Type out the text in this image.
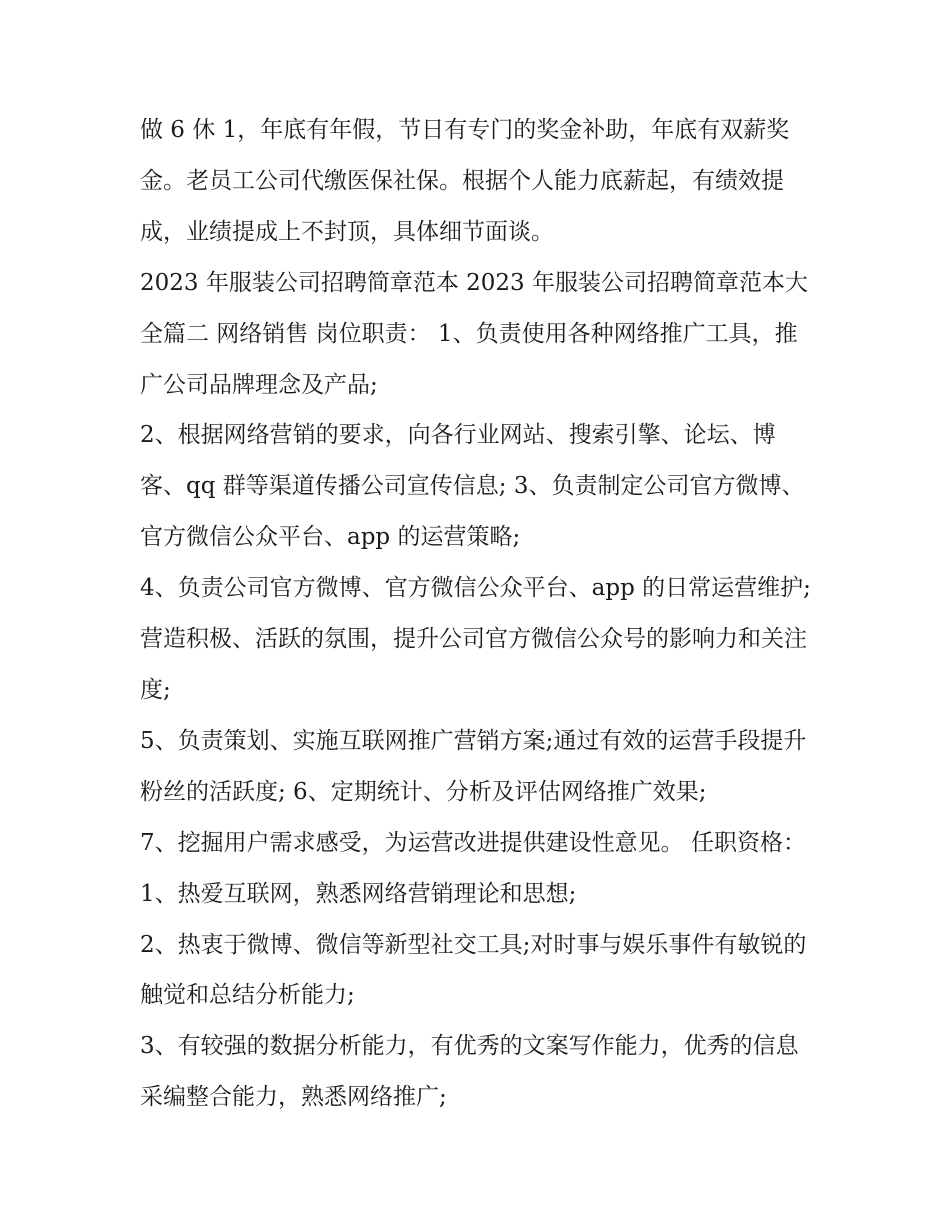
做 6 休 1，年底有年假，节日有专门的奖金补助，年底有双薪奖金。老员工公司代缴医保社保。根据个人能力底薪起，有绩效提成，业绩提成上不封顶，具体细节面谈。

2023 年服装公司招聘简章范本 2023 年服装公司招聘简章范本大全篇二 网络销售 岗位职责： 1、负责使用各种网络推广工具，推广公司品牌理念及产品;

2、根据网络营销的要求，向各行业网站、搜索引擎、论坛、博客、qq 群等渠道传播公司宣传信息; 3、负责制定公司官方微博、官方微信公众平台、app 的运营策略;

4、负责公司官方微博、官方微信公众平台、app 的日常运营维护;营造积极、活跃的氛围，提升公司官方微信公众号的影响力和关注度;

5、负责策划、实施互联网推广营销方案;通过有效的运营手段提升粉丝的活跃度; 6、定期统计、分析及评估网络推广效果;

7、挖掘用户需求感受，为运营改进提供建设性意见。 任职资格： 1、热爱互联网，熟悉网络营销理论和思想;

2、热衷于微博、微信等新型社交工具;对时事与娱乐事件有敏锐的触觉和总结分析能力;

3、有较强的数据分析能力，有优秀的文案写作能力，优秀的信息采编整合能力，熟悉网络推广;
